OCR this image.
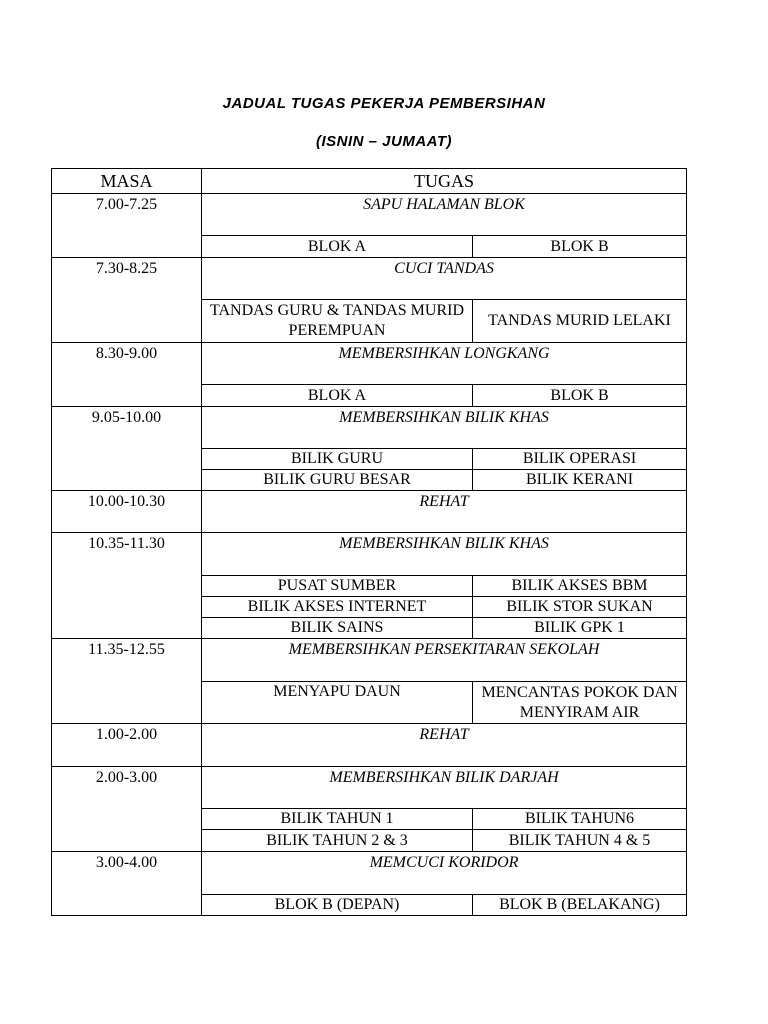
JADUAL TUGAS PEKERJA PEMBERSIHAN
(ISNIN – JUMAAT)
MASA	TUGAS	
7.00-7.25	SAPU HALAMAN BLOK	
	BLOK A	BLOK B
7.30-8.25	CUCI TANDAS	
	TANDAS GURU & TANDAS MURID PEREMPUAN	TANDAS MURID LELAKI
8.30-9.00	MEMBERSIHKAN LONGKANG	
	BLOK A	BLOK B
9.05-10.00	MEMBERSIHKAN BILIK KHAS	
	BILIK GURU	BILIK OPERASI
	BILIK GURU BESAR	BILIK KERANI
10.00-10.30	REHAT	
10.35-11.30	MEMBERSIHKAN BILIK KHAS	
	PUSAT SUMBER	BILIK AKSES BBM
	BILIK AKSES INTERNET	BILIK STOR SUKAN
	BILIK SAINS	BILIK GPK 1
11.35-12.55	MEMBERSIHKAN PERSEKITARAN SEKOLAH	
	MENYAPU DAUN	MENCANTAS POKOK DAN MENYIRAM AIR
1.00-2.00	REHAT	
2.00-3.00	MEMBERSIHKAN BILIK DARJAH	
	BILIK TAHUN 1	BILIK TAHUN6
	BILIK TAHUN 2 & 3	BILIK TAHUN 4 & 5
3.00-4.00	MEMCUCI KORIDOR	
	BLOK B (DEPAN)	BLOK B (BELAKANG)
